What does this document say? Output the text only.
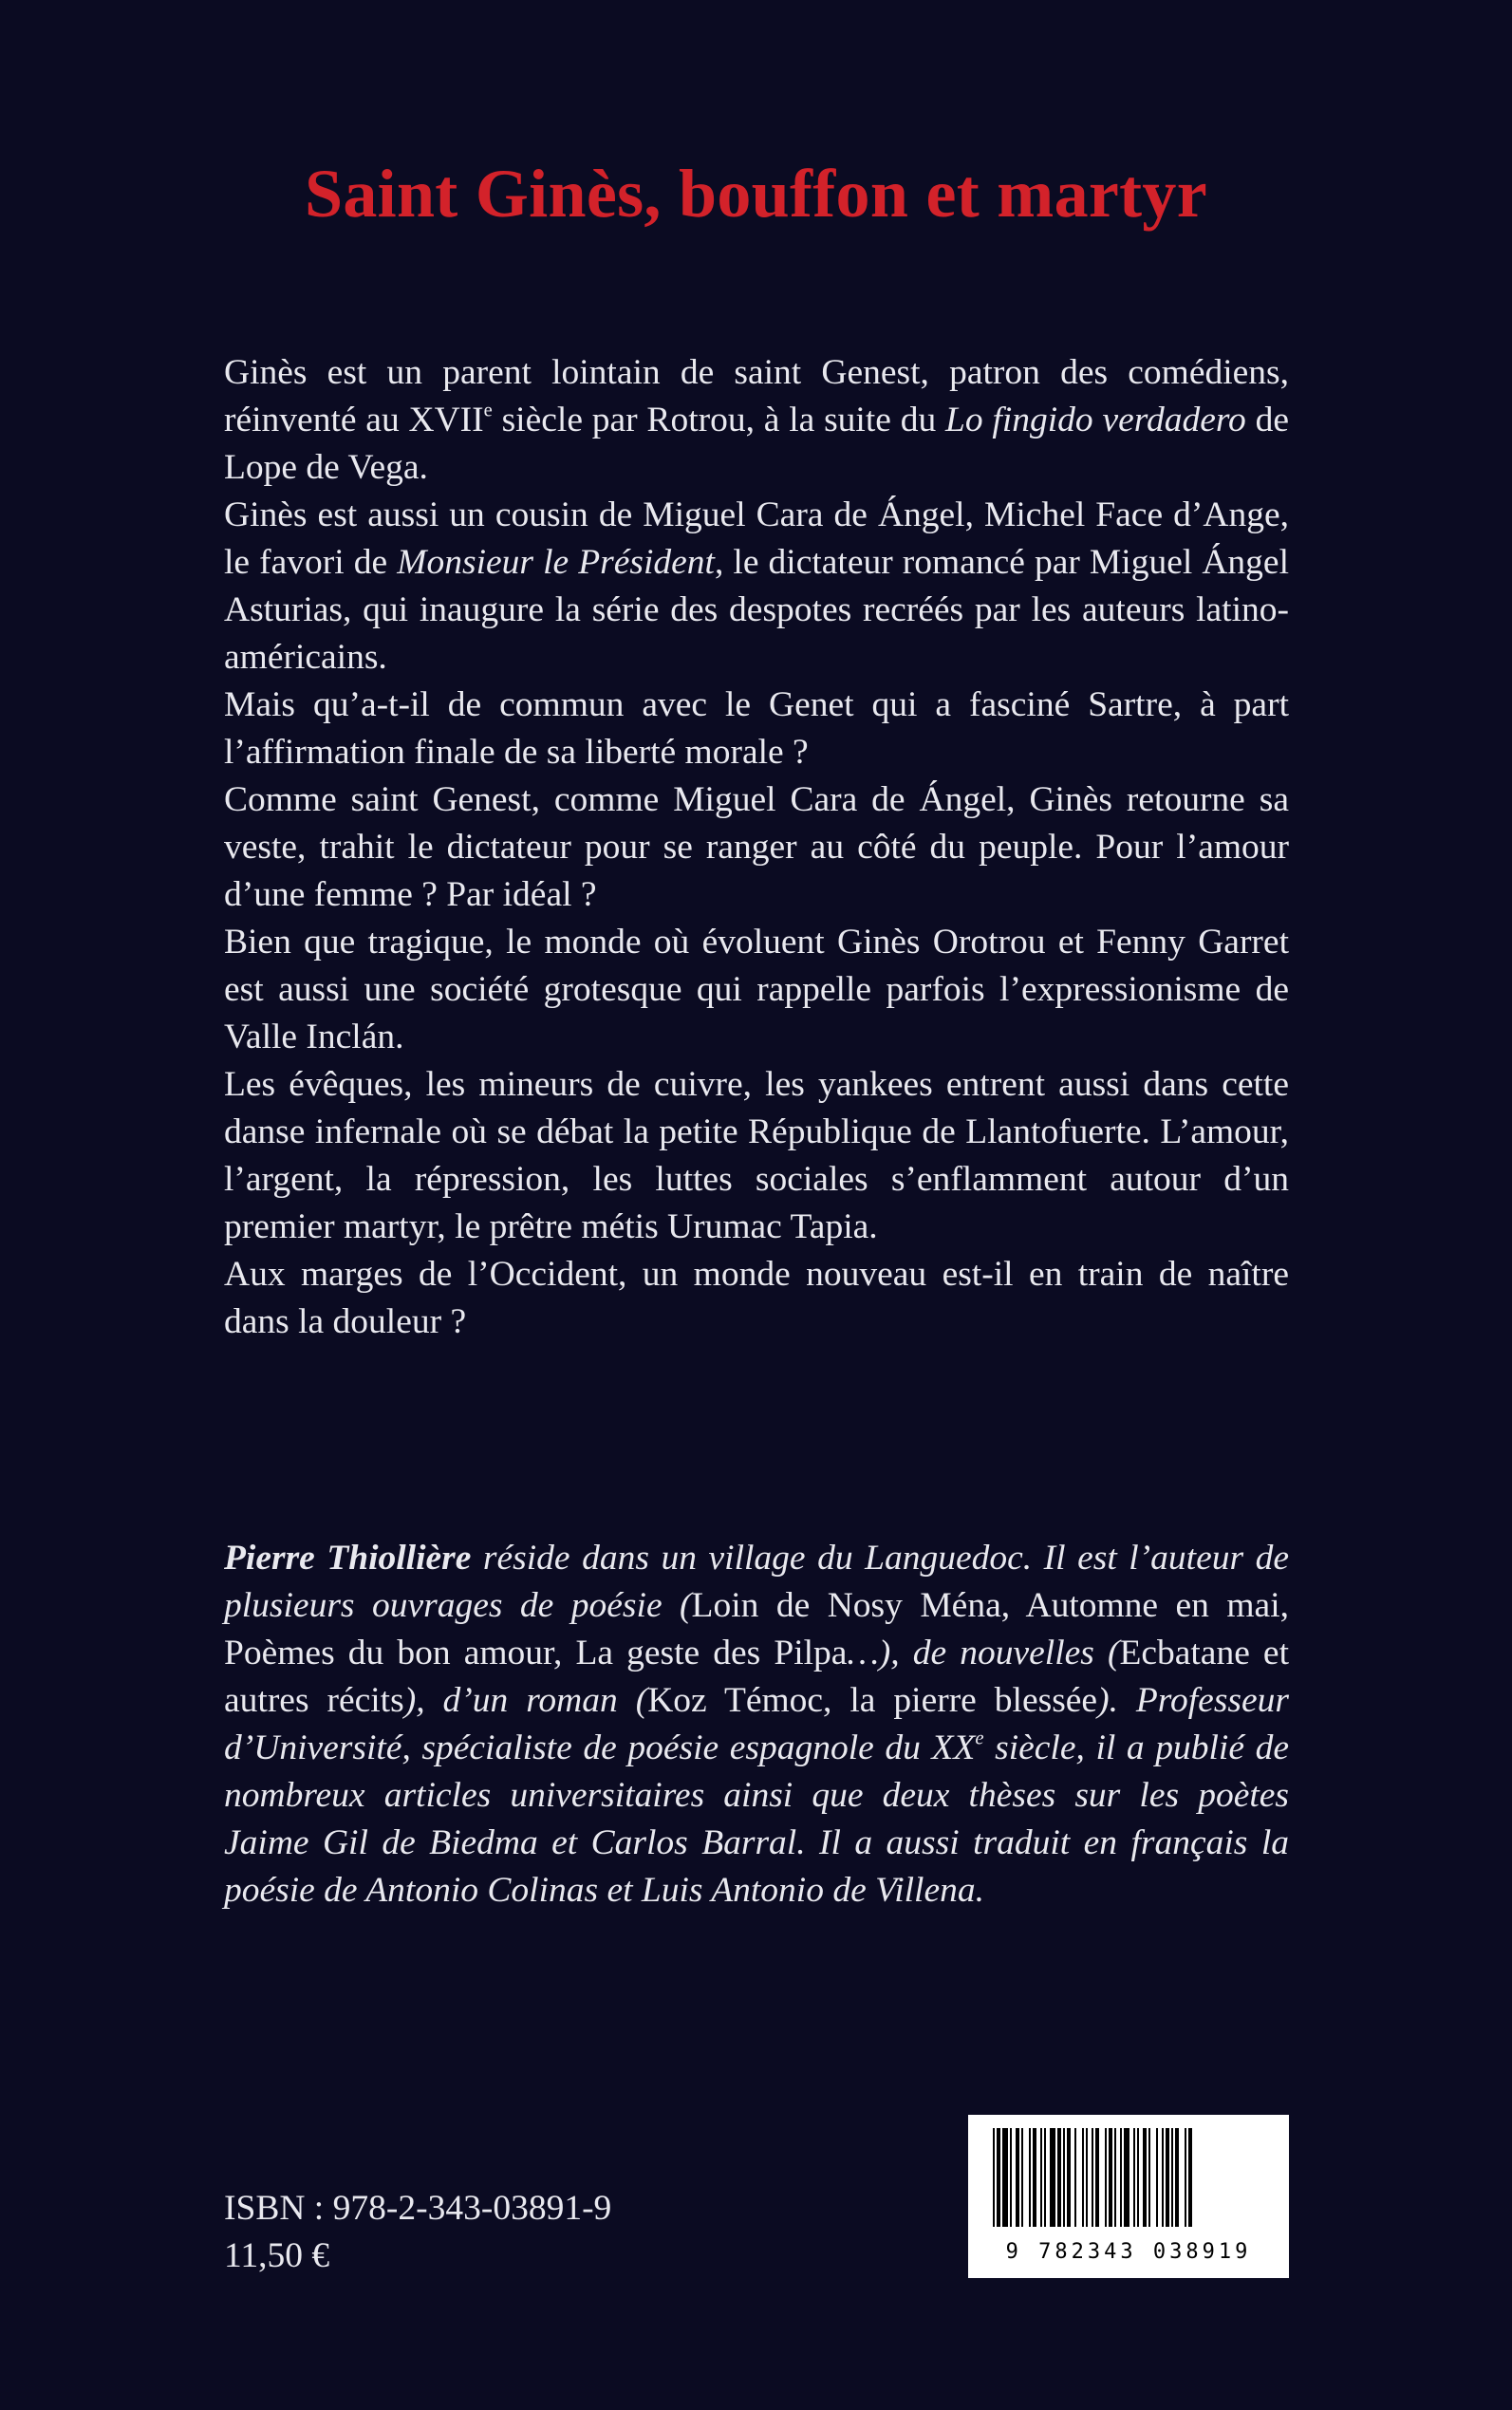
Saint Ginès, bouffon et martyr

Ginès est un parent lointain de saint Genest, patron des comédiens, réinventé au XVIIe siècle par Rotrou, à la suite du Lo fingido verdadero de Lope de Vega.

Ginès est aussi un cousin de Miguel Cara de Ángel, Michel Face d’Ange, le favori de Monsieur le Président, le dictateur romancé par Miguel Ángel Asturias, qui inaugure la série des despotes recréés par les auteurs latino-américains.

Mais qu’a-t-il de commun avec le Genet qui a fasciné Sartre, à part l’affirmation finale de sa liberté morale ?

Comme saint Genest, comme Miguel Cara de Ángel, Ginès retourne sa veste, trahit le dictateur pour se ranger au côté du peuple. Pour l’amour d’une femme ? Par idéal ?

Bien que tragique, le monde où évoluent Ginès Orotrou et Fenny Garret est aussi une société grotesque qui rappelle parfois l’expressionisme de Valle Inclán.

Les évêques, les mineurs de cuivre, les yankees entrent aussi dans cette danse infernale où se débat la petite République de Llantofuerte. L’amour, l’argent, la répression, les luttes sociales s’enflamment autour d’un premier martyr, le prêtre métis Urumac Tapia.

Aux marges de l’Occident, un monde nouveau est-il en train de naître dans la douleur ?

Pierre Thiollière réside dans un village du Languedoc. Il est l’auteur de plusieurs ouvrages de poésie (Loin de Nosy Ména, Automne en mai, Poèmes du bon amour, La geste des Pilpa…), de nouvelles (Ecbatane et autres récits), d’un roman (Koz Témoc, la pierre blessée). Professeur d’Université, spécialiste de poésie espagnole du XXe siècle, il a publié de nombreux articles universitaires ainsi que deux thèses sur les poètes Jaime Gil de Biedma et Carlos Barral. Il a aussi traduit en français la poésie de Antonio Colinas et Luis Antonio de Villena.

ISBN : 978-2-343-03891-9
11,50 €	9 782343 038919
